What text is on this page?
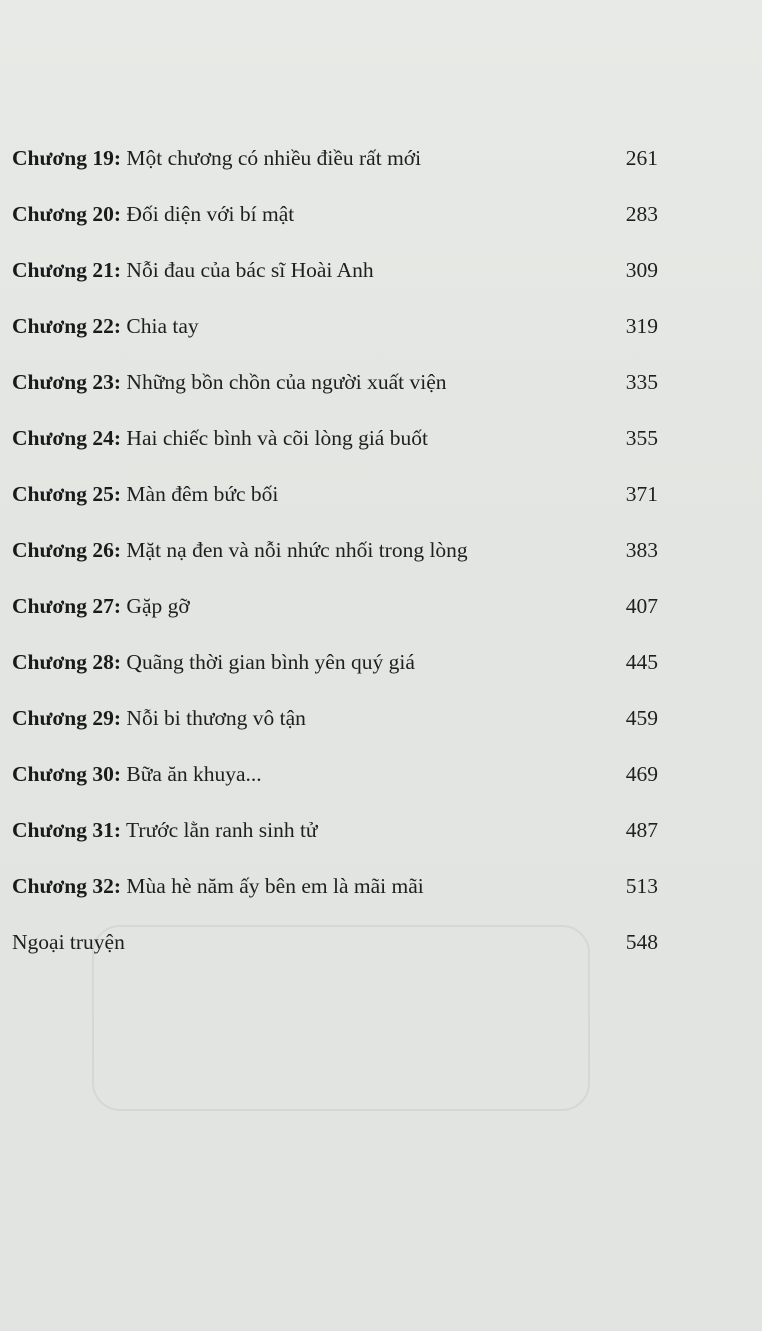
Chương 19: Một chương có nhiều điều rất mới	261
Chương 20: Đối diện với bí mật	283
Chương 21: Nỗi đau của bác sĩ Hoài Anh	309
Chương 22: Chia tay	319
Chương 23: Những bồn chồn của người xuất viện	335
Chương 24: Hai chiếc bình và cõi lòng giá buốt	355
Chương 25: Màn đêm bức bối	371
Chương 26: Mặt nạ đen và nỗi nhức nhối trong lòng	383
Chương 27: Gặp gỡ	407
Chương 28: Quãng thời gian bình yên quý giá	445
Chương 29: Nỗi bi thương vô tận	459
Chương 30: Bữa ăn khuya...	469
Chương 31: Trước lằn ranh sinh tử	487
Chương 32: Mùa hè năm ấy bên em là mãi mãi	513
Ngoại truyện	548
